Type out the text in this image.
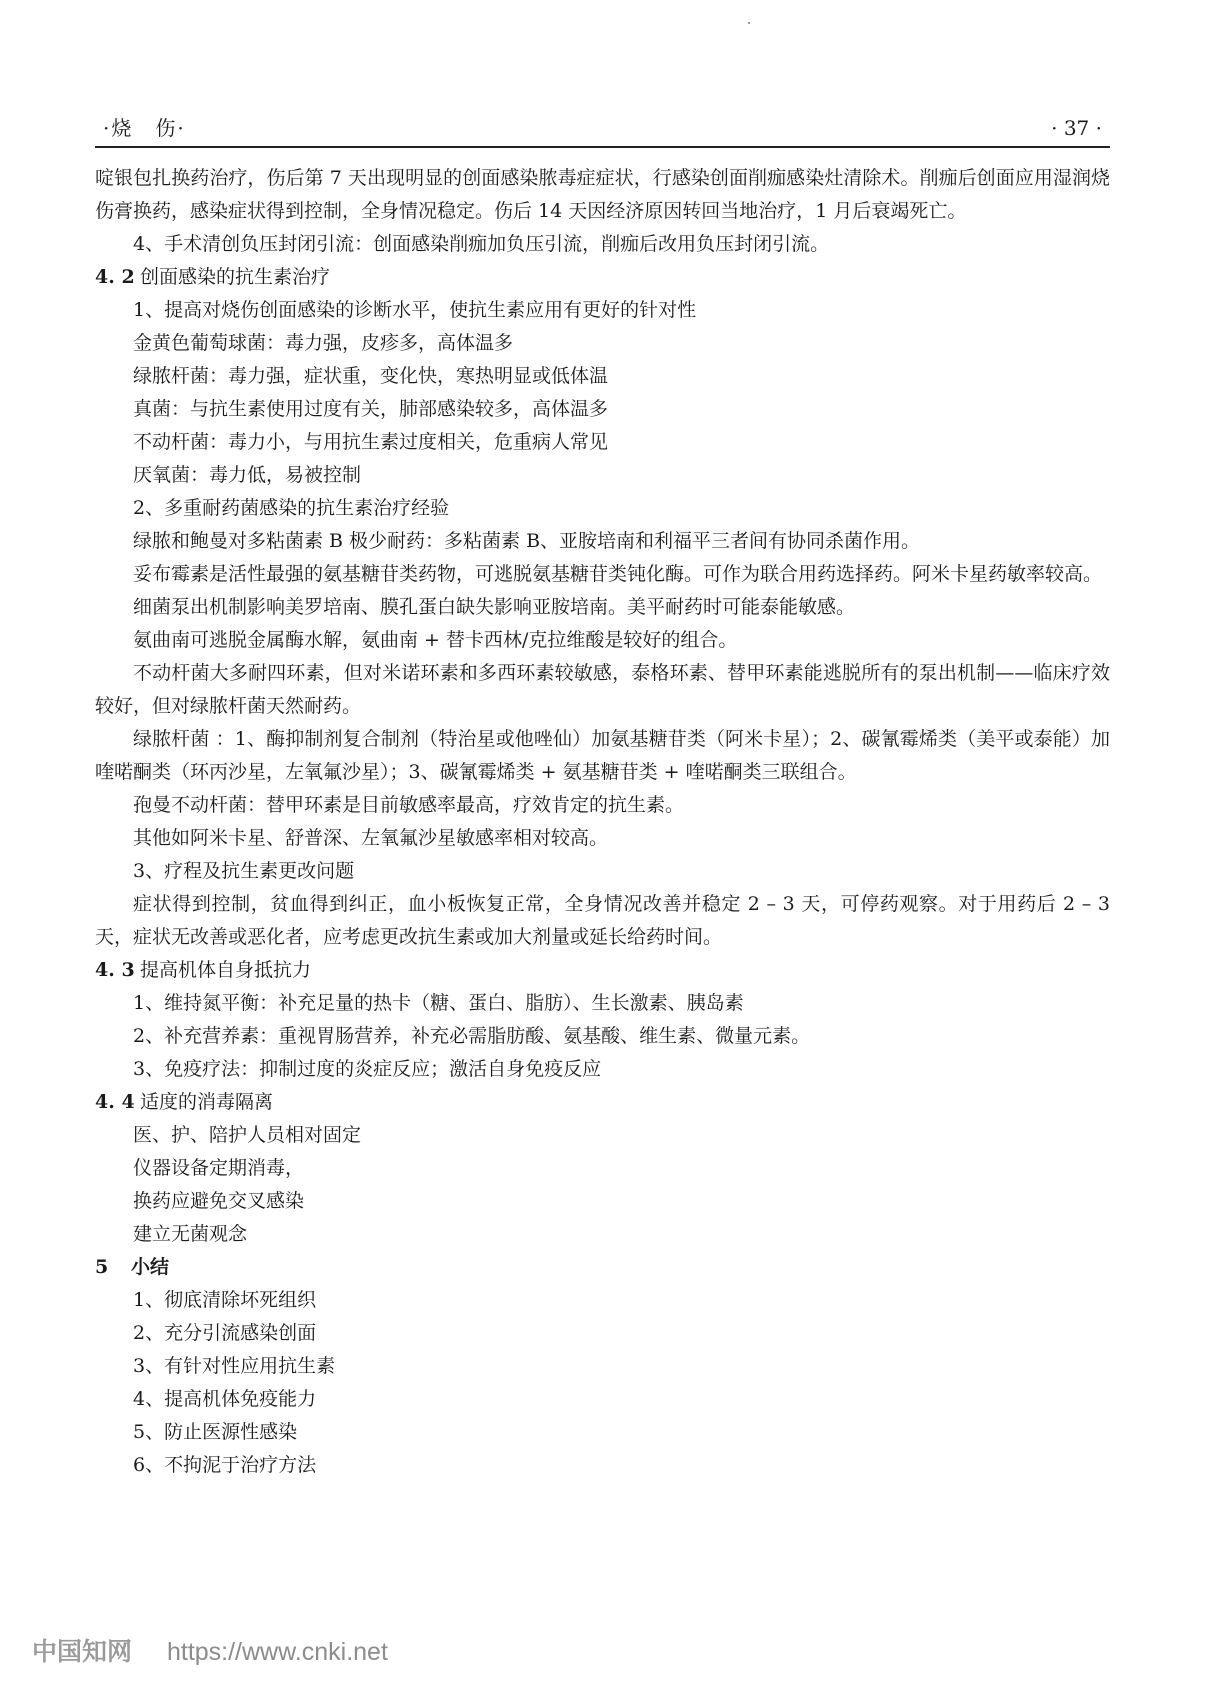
·烧　伤·	· 37 ·

啶银包扎换药治疗，伤后第 7 天出现明显的创面感染脓毒症症状，行感染创面削痂感染灶清除术。削痂后创面应用湿润烧伤膏换药，感染症状得到控制，全身情况稳定。伤后 14 天因经济原因转回当地治疗，1 月后衰竭死亡。

4、手术清创负压封闭引流：创面感染削痂加负压引流，削痂后改用负压封闭引流。

4. 2 创面感染的抗生素治疗

1、提高对烧伤创面感染的诊断水平，使抗生素应用有更好的针对性

金黄色葡萄球菌：毒力强，皮疹多，高体温多

绿脓杆菌：毒力强，症状重，变化快，寒热明显或低体温

真菌：与抗生素使用过度有关，肺部感染较多，高体温多

不动杆菌：毒力小，与用抗生素过度相关，危重病人常见

厌氧菌：毒力低，易被控制

2、多重耐药菌感染的抗生素治疗经验

绿脓和鲍曼对多粘菌素 B 极少耐药：多粘菌素 B、亚胺培南和利福平三者间有协同杀菌作用。

妥布霉素是活性最强的氨基糖苷类药物，可逃脱氨基糖苷类钝化酶。可作为联合用药选择药。阿米卡星药敏率较高。

细菌泵出机制影响美罗培南、膜孔蛋白缺失影响亚胺培南。美平耐药时可能泰能敏感。

氨曲南可逃脱金属酶水解，氨曲南 + 替卡西林/克拉维酸是较好的组合。

不动杆菌大多耐四环素，但对米诺环素和多西环素较敏感，泰格环素、替甲环素能逃脱所有的泵出机制——临床疗效较好，但对绿脓杆菌天然耐药。

绿脓杆菌 ：1、酶抑制剂复合制剂（特治星或他唑仙）加氨基糖苷类（阿米卡星）；2、碳氰霉烯类（美平或泰能）加喹喏酮类（环丙沙星，左氧氟沙星）；3、碳氰霉烯类 + 氨基糖苷类 + 喹喏酮类三联组合。

孢曼不动杆菌：替甲环素是目前敏感率最高，疗效肯定的抗生素。

其他如阿米卡星、舒普深、左氧氟沙星敏感率相对较高。

3、疗程及抗生素更改问题

症状得到控制，贫血得到纠正，血小板恢复正常，全身情况改善并稳定 2 – 3 天，可停药观察。对于用药后 2 – 3 天，症状无改善或恶化者，应考虑更改抗生素或加大剂量或延长给药时间。

4. 3 提高机体自身抵抗力

1、维持氮平衡：补充足量的热卡（糖、蛋白、脂肪）、生长激素、胰岛素

2、补充营养素：重视胃肠营养，补充必需脂肪酸、氨基酸、维生素、微量元素。

3、免疫疗法：抑制过度的炎症反应；激活自身免疫反应

4. 4 适度的消毒隔离

医、护、陪护人员相对固定

仪器设备定期消毒，

换药应避免交叉感染

建立无菌观念

5 小结

1、彻底清除坏死组织

2、充分引流感染创面

3、有针对性应用抗生素

4、提高机体免疫能力

5、防止医源性感染

6、不拘泥于治疗方法

中国知网 https://www.cnki.net
